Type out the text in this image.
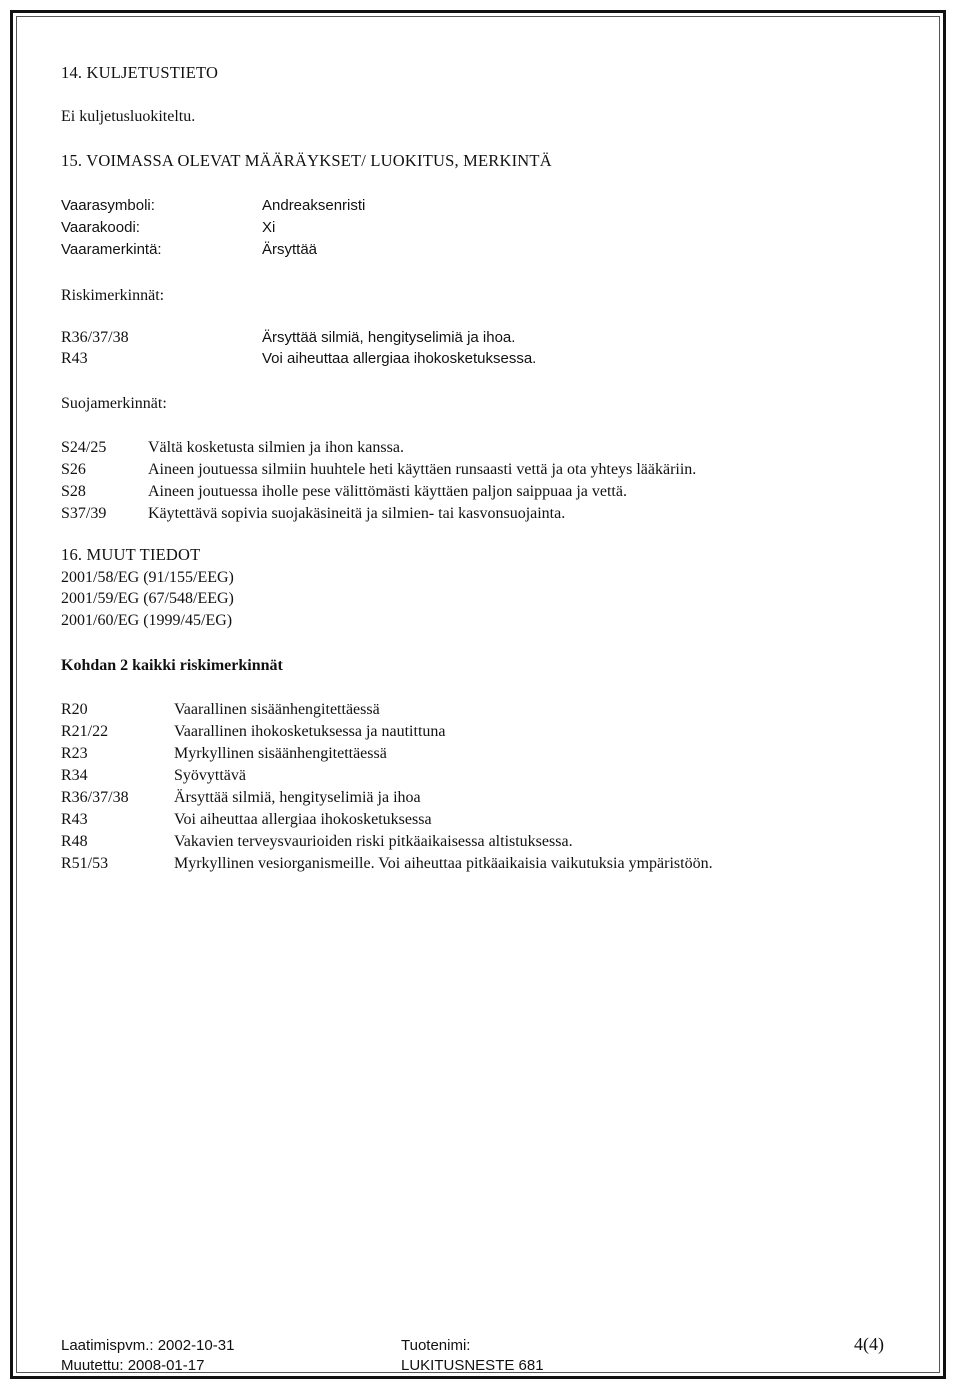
14. KULJETUSTIETO
Ei kuljetusluokiteltu.
15. VOIMASSA OLEVAT MÄÄRÄYKSET/ LUOKITUS, MERKINTÄ
Vaarasymboli:	Andreaksenristi
Vaarakoodi:	Xi
Vaaramerkintä:	Ärsyttää
Riskimerkinnät:
R36/37/38	Ärsyttää silmiä, hengityselimiä ja ihoa.
R43	Voi aiheuttaa allergiaa ihokosketuksessa.
Suojamerkinnät:
S24/25	Vältä kosketusta silmien ja ihon kanssa.
S26	Aineen joutuessa silmiin huuhtele heti käyttäen runsaasti vettä ja ota yhteys lääkäriin.
S28	Aineen joutuessa iholle pese välittömästi käyttäen paljon saippuaa ja vettä.
S37/39	Käytettävä sopivia suojakäsineitä ja silmien- tai kasvonsuojainta.
16. MUUT TIEDOT
2001/58/EG (91/155/EEG)
2001/59/EG (67/548/EEG)
2001/60/EG (1999/45/EG)
Kohdan 2 kaikki riskimerkinnät
R20	Vaarallinen sisäänhengitettäessä
R21/22	Vaarallinen ihokosketuksessa ja nautittuna
R23	Myrkyllinen sisäänhengitettäessä
R34	Syövyttävä
R36/37/38	Ärsyttää silmiä, hengityselimiä ja ihoa
R43	Voi aiheuttaa allergiaa ihokosketuksessa
R48	Vakavien terveysvaurioiden riski pitkäaikaisessa altistuksessa.
R51/53	Myrkyllinen vesiorganismeille. Voi aiheuttaa pitkäaikaisia vaikutuksia ympäristöön.
Laatimispvm.: 2002-10-31
Muutettu: 2008-01-17
Tuotenimi:
LUKITUSNESTE 681
4(4)
